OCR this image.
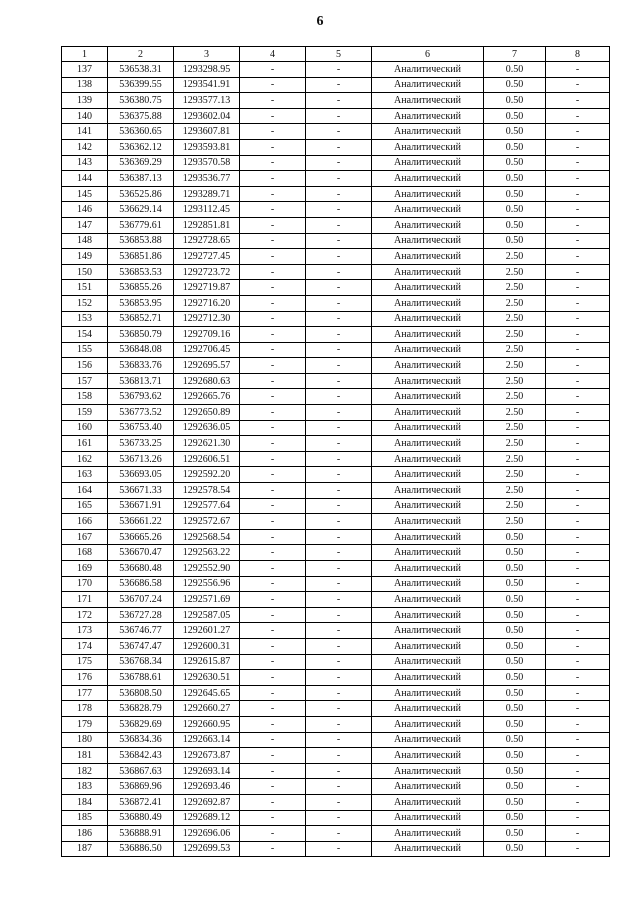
6
1	2	3	4	5	6	7	8
137	536538.31	1293298.95	-	-	Аналитический	0.50	-
138	536399.55	1293541.91	-	-	Аналитический	0.50	-
139	536380.75	1293577.13	-	-	Аналитический	0.50	-
140	536375.88	1293602.04	-	-	Аналитический	0.50	-
141	536360.65	1293607.81	-	-	Аналитический	0.50	-
142	536362.12	1293593.81	-	-	Аналитический	0.50	-
143	536369.29	1293570.58	-	-	Аналитический	0.50	-
144	536387.13	1293536.77	-	-	Аналитический	0.50	-
145	536525.86	1293289.71	-	-	Аналитический	0.50	-
146	536629.14	1293112.45	-	-	Аналитический	0.50	-
147	536779.61	1292851.81	-	-	Аналитический	0.50	-
148	536853.88	1292728.65	-	-	Аналитический	0.50	-
149	536851.86	1292727.45	-	-	Аналитический	2.50	-
150	536853.53	1292723.72	-	-	Аналитический	2.50	-
151	536855.26	1292719.87	-	-	Аналитический	2.50	-
152	536853.95	1292716.20	-	-	Аналитический	2.50	-
153	536852.71	1292712.30	-	-	Аналитический	2.50	-
154	536850.79	1292709.16	-	-	Аналитический	2.50	-
155	536848.08	1292706.45	-	-	Аналитический	2.50	-
156	536833.76	1292695.57	-	-	Аналитический	2.50	-
157	536813.71	1292680.63	-	-	Аналитический	2.50	-
158	536793.62	1292665.76	-	-	Аналитический	2.50	-
159	536773.52	1292650.89	-	-	Аналитический	2.50	-
160	536753.40	1292636.05	-	-	Аналитический	2.50	-
161	536733.25	1292621.30	-	-	Аналитический	2.50	-
162	536713.26	1292606.51	-	-	Аналитический	2.50	-
163	536693.05	1292592.20	-	-	Аналитический	2.50	-
164	536671.33	1292578.54	-	-	Аналитический	2.50	-
165	536671.91	1292577.64	-	-	Аналитический	2.50	-
166	536661.22	1292572.67	-	-	Аналитический	2.50	-
167	536665.26	1292568.54	-	-	Аналитический	0.50	-
168	536670.47	1292563.22	-	-	Аналитический	0.50	-
169	536680.48	1292552.90	-	-	Аналитический	0.50	-
170	536686.58	1292556.96	-	-	Аналитический	0.50	-
171	536707.24	1292571.69	-	-	Аналитический	0.50	-
172	536727.28	1292587.05	-	-	Аналитический	0.50	-
173	536746.77	1292601.27	-	-	Аналитический	0.50	-
174	536747.47	1292600.31	-	-	Аналитический	0.50	-
175	536768.34	1292615.87	-	-	Аналитический	0.50	-
176	536788.61	1292630.51	-	-	Аналитический	0.50	-
177	536808.50	1292645.65	-	-	Аналитический	0.50	-
178	536828.79	1292660.27	-	-	Аналитический	0.50	-
179	536829.69	1292660.95	-	-	Аналитический	0.50	-
180	536834.36	1292663.14	-	-	Аналитический	0.50	-
181	536842.43	1292673.87	-	-	Аналитический	0.50	-
182	536867.63	1292693.14	-	-	Аналитический	0.50	-
183	536869.96	1292693.46	-	-	Аналитический	0.50	-
184	536872.41	1292692.87	-	-	Аналитический	0.50	-
185	536880.49	1292689.12	-	-	Аналитический	0.50	-
186	536888.91	1292696.06	-	-	Аналитический	0.50	-
187	536886.50	1292699.53	-	-	Аналитический	0.50	-
